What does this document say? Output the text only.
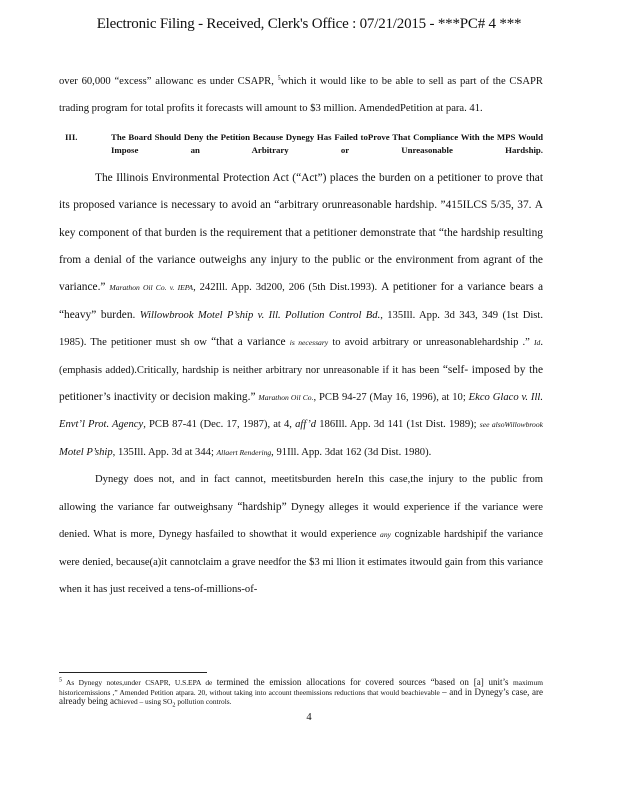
Electronic Filing - Received, Clerk's Office : 07/21/2015 - ***PC# 4 ***

over 60,000 “excess” allowanc es under CSAPR, $^5$which it would like to be able to sell as part of the CSAPR trading program for total profits it forecasts will amount to $3 million. AmendedPetition at para. 41.

III.	The Board Should Deny the Petition Because Dynegy Has Failed toProve That Compliance With the MPS Would Impose an Arbitrary or Unreasonable Hardship.

The Illinois Environmental Protection Act (“Act”) places the burden on a petitioner to prove that its proposed variance is necessary to avoid an “arbitrary orunreasonable hardship. ”415ILCS 5/35, 37. A key component of that burden is the requirement that a petitioner demonstrate that “the hardship resulting from a denial of the variance outweighs any injury to the public or the environment from agrant of the variance.” Marathon Oil Co. v. IEPA, 242Ill. App. 3d200, 206 (5th Dist.1993). A petitioner for a variance bears a “heavy” burden. Willowbrook Motel P’ship v. Ill. Pollution Control Bd., 135Ill. App. 3d 343, 349 (1st Dist. 1985). The petitioner must sh ow “that a variance is necessary to avoid arbitrary or unreasonablehardship .” Id. (emphasis added).Critically, hardship is neither arbitrary nor unreasonable if it has been “self- imposed by the petitioner’s inactivity or decision making.” Marathon Oil Co., PCB 94-27 (May 16, 1996), at 10; Ekco Glaco v. Ill. Envt’l Prot. Agency, PCB 87-41 (Dec. 17, 1987), at 4, aff’d 186Ill. App. 3d 141 (1st Dist. 1989); see alsoWillowbrook Motel P’ship, 135Ill. App. 3d at 344; Allaert Rendering, 91Ill. App. 3dat 162 (3d Dist. 1980).

Dynegy does not, and in fact cannot, meetitsburden hereIn this case,the injury to the public from allowing the variance far outweighsany “hardship” Dynegy alleges it would experience if the variance were denied. What is more, Dynegy hasfailed to showthat it would experience any cognizable hardshipif the variance were denied, because(a)it cannotclaim a grave needfor the $3 mi llion it estimates itwould gain from this variance when it has just received a tens-of-millions-of-

$^5$ As Dynegy notes,under CSAPR, U.S.EPA de termined the emission allocations for covered sources “based on [a] unit’s maximum historicemissions ,” Amended Petition atpara. 20, without taking into account theemissions reductions that would beachievable – and in Dynegy’s case, are already being achieved – using $SO_2$ pollution controls.

4
